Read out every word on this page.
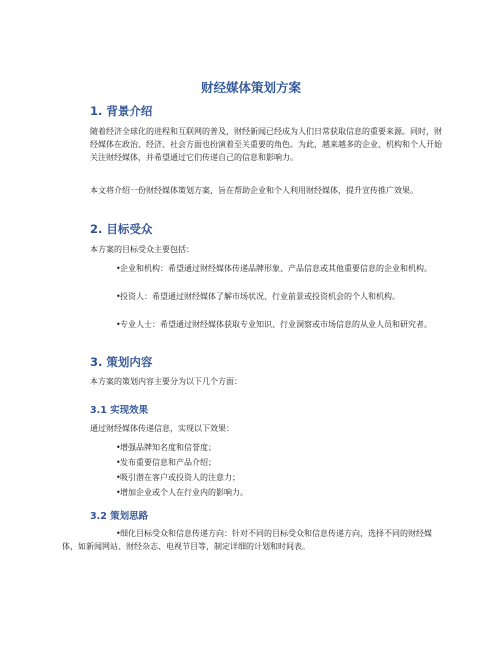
财经媒体策划方案
1. 背景介绍
随着经济全球化的进程和互联网的普及，财经新闻已经成为人们日常获取信息的重要来源。同时，财经媒体在政治、经济、社会方面也扮演着至关重要的角色。为此，越来越多的企业、机构和个人开始关注财经媒体，并希望通过它们传递自己的信息和影响力。
本文将介绍一份财经媒体策划方案，旨在帮助企业和个人利用财经媒体，提升宣传推广效果。
2. 目标受众
本方案的目标受众主要包括：
• 企业和机构：希望通过财经媒体传递品牌形象、产品信息或其他重要信息的企业和机构。
• 投资人：希望通过财经媒体了解市场状况、行业前景或投资机会的个人和机构。
• 专业人士：希望通过财经媒体获取专业知识、行业洞察或市场信息的从业人员和研究者。
3. 策划内容
本方案的策划内容主要分为以下几个方面：
3.1 实现效果
通过财经媒体传递信息，实现以下效果：
• 增强品牌知名度和信誉度；
• 发布重要信息和产品介绍；
• 吸引潜在客户或投资人的注意力；
• 增加企业或个人在行业内的影响力。
3.2 策划思路
• 细化目标受众和信息传递方向：针对不同的目标受众和信息传递方向，选择不同的财经媒体，如新闻网站、财经杂志、电视节目等，制定详细的计划和时间表。
